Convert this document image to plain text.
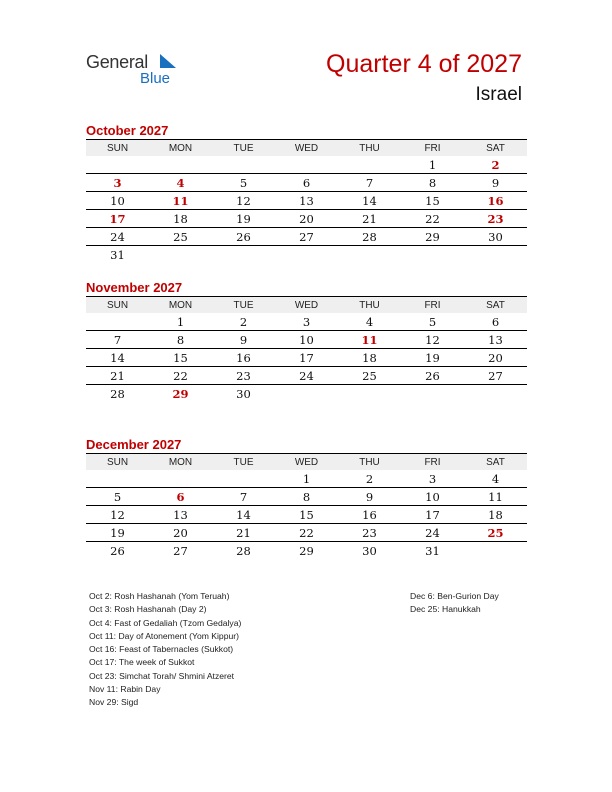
General
Blue
Quarter 4 of 2027
Israel
October 2027
SUN	MON	TUE	WED	THU	FRI	SAT
					1	2
3	4	5	6	7	8	9
10	11	12	13	14	15	16
17	18	19	20	21	22	23
24	25	26	27	28	29	30
31						
November 2027
SUN	MON	TUE	WED	THU	FRI	SAT
	1	2	3	4	5	6
7	8	9	10	11	12	13
14	15	16	17	18	19	20
21	22	23	24	25	26	27
28	29	30				
December 2027
SUN	MON	TUE	WED	THU	FRI	SAT
			1	2	3	4
5	6	7	8	9	10	11
12	13	14	15	16	17	18
19	20	21	22	23	24	25
26	27	28	29	30	31	
Oct 2: Rosh Hashanah (Yom Teruah)
Oct 3: Rosh Hashanah (Day 2)
Oct 4: Fast of Gedaliah (Tzom Gedalya)
Oct 11: Day of Atonement (Yom Kippur)
Oct 16: Feast of Tabernacles (Sukkot)
Oct 17: The week of Sukkot
Oct 23: Simchat Torah/ Shmini Atzeret
Nov 11: Rabin Day
Nov 29: Sigd
Dec 6: Ben-Gurion Day
Dec 25: Hanukkah
